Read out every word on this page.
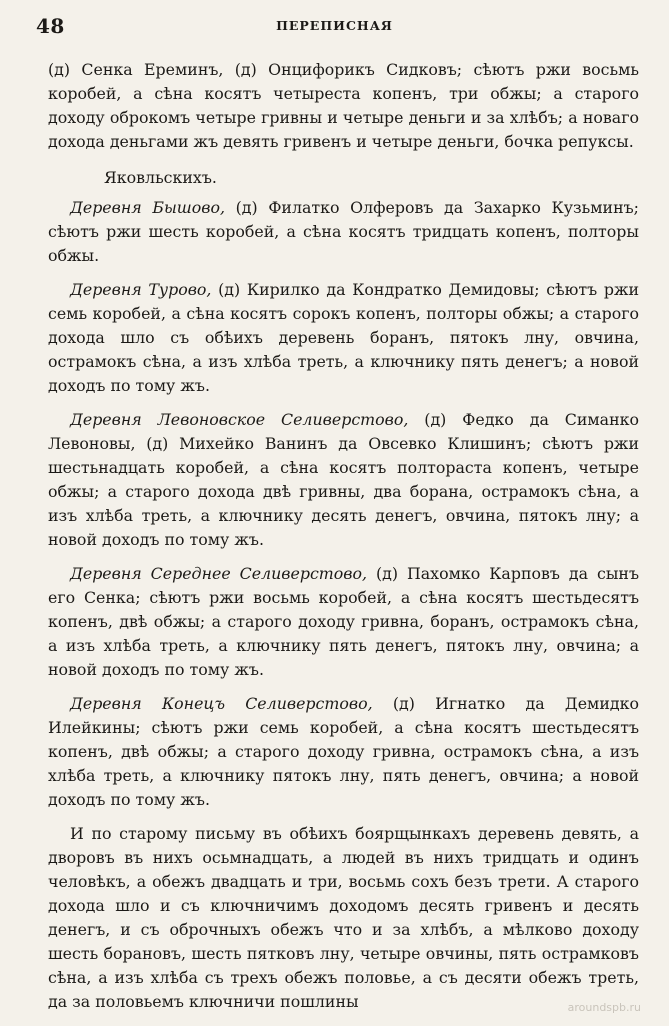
48	ПЕРЕПИСНАЯ

(д) Сенка Ереминъ, (д) Онцифорикъ Сидковъ; сѣютъ ржи восьмь коробей, а сѣна косятъ четыреста копенъ, три обжы; а старого доходу оброкомъ четыре гривны и четыре деньги и за хлѣбъ; а новаго дохода деньгами жъ девять гривенъ и четыре деньги, бочка репуксы.

Яковльскихъ.

Деревня Бышово, (д) Филатко Олферовъ да Захарко Кузьминъ; сѣютъ ржи шесть коробей, а сѣна косятъ тридцать копенъ, полторы обжы.

Деревня Турово, (д) Кирилко да Кондратко Демидовы; сѣютъ ржи семь коробей, а сѣна косятъ сорокъ копенъ, полторы обжы; а старого дохода шло съ обѣихъ деревень боранъ, пятокъ лну, овчина, остpамокъ сѣна, а изъ хлѣба треть, а ключнику пять денегъ; а новой доходъ по тому жъ.

Деревня Левоновское Селиверстово, (д) Федко да Симанко Левоновы, (д) Михейко Ванинъ да Овсевко Клишинъ; сѣютъ ржи шестьнадцать коробей, а сѣна косятъ полтораста копенъ, четыре обжы; а старого дохода двѣ гривны, два борана, остpамокъ сѣна, а изъ хлѣба треть, а ключнику десять денегъ, овчина, пятокъ лну; а новой доходъ по тому жъ.

Деревня Середнее Селиверстово, (д) Пахомко Карповъ да сынъ его Сенка; сѣютъ ржи восьмь коробей, а сѣна косятъ шестьдесятъ копенъ, двѣ обжы; а старого доходу гривна, боранъ, остpамокъ сѣна, а изъ хлѣба треть, а ключнику пять денегъ, пятокъ лну, овчина; а новой доходъ по тому жъ.

Деревня Конецъ Селиверстово, (д) Игнатко да Демидко Илейкины; сѣютъ ржи семь коробей, а сѣна косятъ шестьдесятъ копенъ, двѣ обжы; а старого доходу гривна, остpамокъ сѣна, а изъ хлѣба треть, а ключнику пятокъ лну, пять денегъ, овчина; а новой доходъ по тому жъ.

И по старому письму въ обѣихъ боярщынкахъ деревень девять, а дворовъ въ нихъ осьмнадцать, а людей въ нихъ тридцать и одинъ человѣкъ, а обежъ двадцать и три, восьмь сохъ безъ трети. А старого дохода шло и съ ключничимъ доходомъ десять гривенъ и десять денегъ, и съ оброчныхъ обежъ что и за хлѣбъ, а мѣлково доходу шесть борановъ, шесть пятковъ лну, четыре овчины, пять остpамковъ сѣна, а изъ хлѣба съ трехъ обежъ половье, а съ десяти обежъ треть, да за половьемъ ключничи пошлины	aroundspb.ru
